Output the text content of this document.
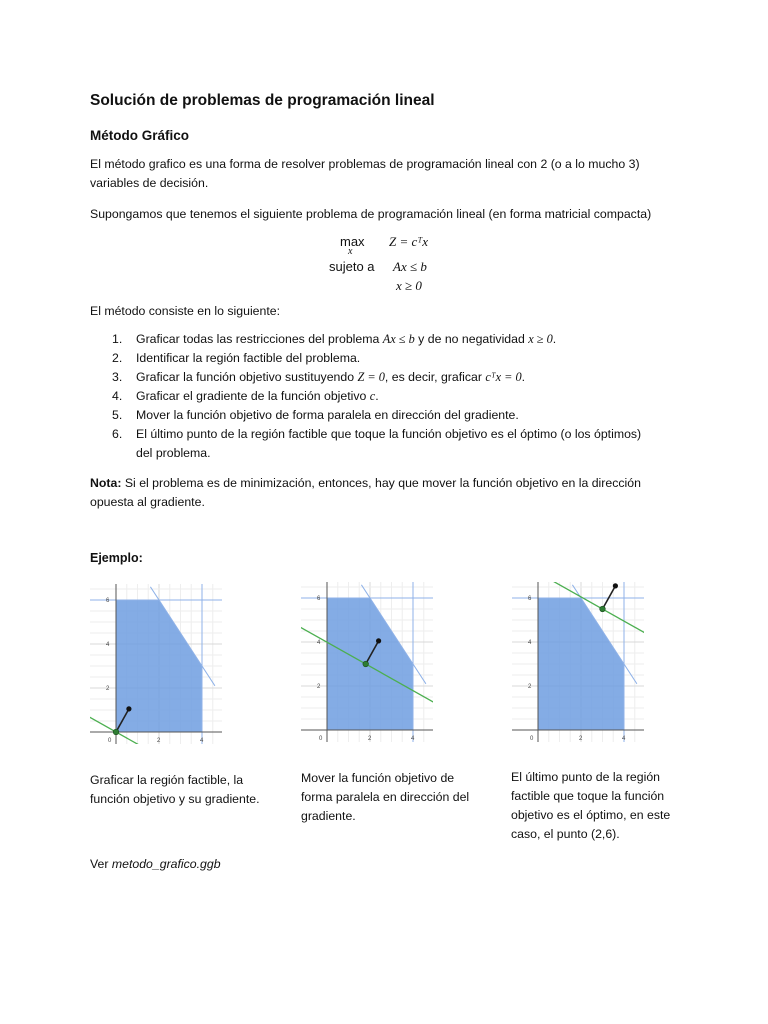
Solución de problemas de programación lineal
Método Gráfico
El método grafico es una forma de resolver problemas de programación lineal con 2 (o a lo mucho 3) variables de decisión.
Supongamos que tenemos el siguiente problema de programación lineal (en forma matricial compacta)
max
x
Z = cᵀx
sujeto a Ax ≤ b
x ≥ 0
El método consiste en lo siguiente:
1. Graficar todas las restricciones del problema Ax ≤ b y de no negatividad x ≥ 0.
2. Identificar la región factible del problema.
3. Graficar la función objetivo sustituyendo Z = 0, es decir, graficar cᵀx = 0.
4. Graficar el gradiente de la función objetivo c.
5. Mover la función objetivo de forma paralela en dirección del gradiente.
6. El último punto de la región factible que toque la función objetivo es el óptimo (o los óptimos) del problema.
Nota: Si el problema es de minimización, entonces, hay que mover la función objetivo en la dirección opuesta al gradiente.
Ejemplo:
Graficar la región factible, la función objetivo y su gradiente.
Mover la función objetivo de forma paralela en dirección del gradiente.
El último punto de la región factible que toque la función objetivo es el óptimo, en este caso, el punto (2,6).
Ver metodo_grafico.ggb
0	2	4
2
4
6
0	2	4
2
4
6
0	2	4
2
4
6
